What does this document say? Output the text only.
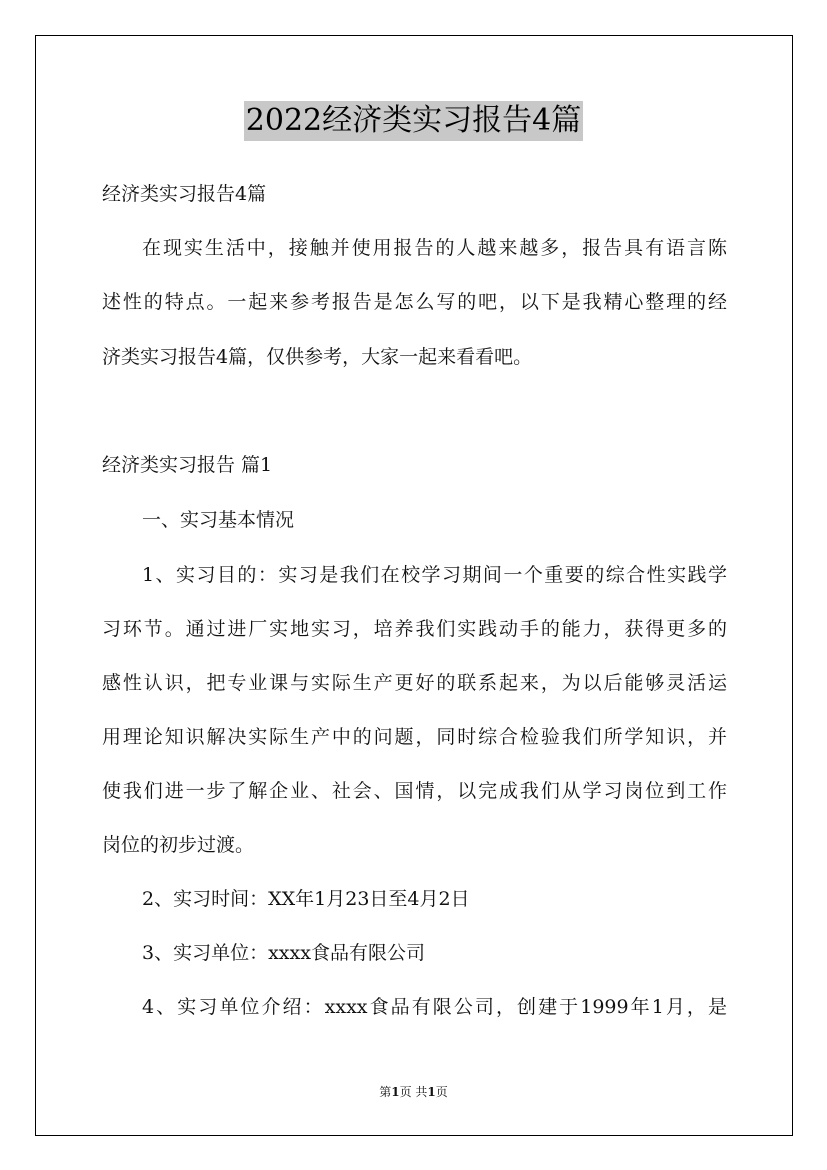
2022经济类实习报告4篇
经济类实习报告4篇
在现实生活中，接触并使用报告的人越来越多，报告具有语言陈
述性的特点。一起来参考报告是怎么写的吧，以下是我精心整理的经
济类实习报告4篇，仅供参考，大家一起来看看吧。
经济类实习报告 篇1
一、实习基本情况
1、实习目的：实习是我们在校学习期间一个重要的综合性实践学
习环节。通过进厂实地实习，培养我们实践动手的能力，获得更多的
感性认识，把专业课与实际生产更好的联系起来，为以后能够灵活运
用理论知识解决实际生产中的问题，同时综合检验我们所学知识，并
使我们进一步了解企业、社会、国情，以完成我们从学习岗位到工作
岗位的初步过渡。
2、实习时间：XX年1月23日至4月2日
3、实习单位：xxxx食品有限公司
4、实习单位介绍：xxxx食品有限公司，创建于1999年1月，是
第1页 共1页
